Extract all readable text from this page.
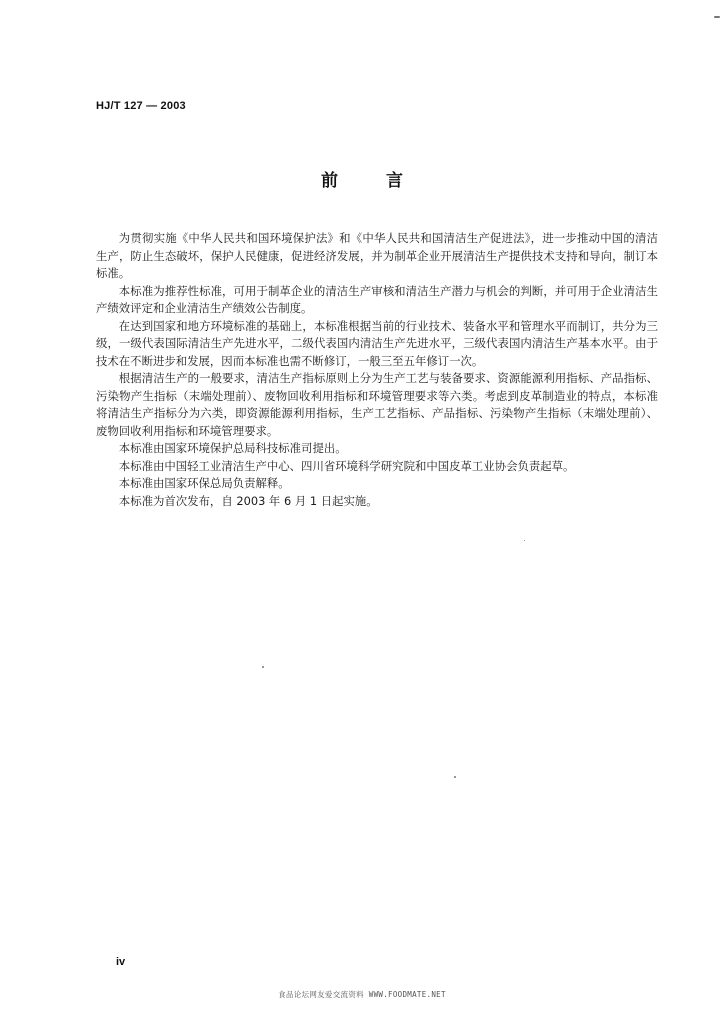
HJ/T 127 — 2003
前言

为贯彻实施《中华人民共和国环境保护法》和《中华人民共和国清洁生产促进法》，进一步推动中国的清洁生产，防止生态破坏，保护人民健康，促进经济发展，并为制革企业开展清洁生产提供技术支持和导向，制订本标准。

本标准为推荐性标准，可用于制革企业的清洁生产审核和清洁生产潜力与机会的判断，并可用于企业清洁生产绩效评定和企业清洁生产绩效公告制度。

在达到国家和地方环境标准的基础上，本标准根据当前的行业技术、装备水平和管理水平而制订，共分为三级，一级代表国际清洁生产先进水平，二级代表国内清洁生产先进水平，三级代表国内清洁生产基本水平。由于技术在不断进步和发展，因而本标准也需不断修订，一般三至五年修订一次。

根据清洁生产的一般要求，清洁生产指标原则上分为生产工艺与装备要求、资源能源利用指标、产品指标、污染物产生指标（末端处理前）、废物回收利用指标和环境管理要求等六类。考虑到皮革制造业的特点，本标准将清洁生产指标分为六类，即资源能源利用指标，生产工艺指标、产品指标、污染物产生指标（末端处理前）、废物回收利用指标和环境管理要求。

本标准由国家环境保护总局科技标准司提出。

本标准由中国轻工业清洁生产中心、四川省环境科学研究院和中国皮革工业协会负责起草。

本标准由国家环保总局负责解释。

本标准为首次发布，自 2003 年 6 月 1 日起实施。

iv
食品论坛网友爱交流资料 WWW.FOODMATE.NET
